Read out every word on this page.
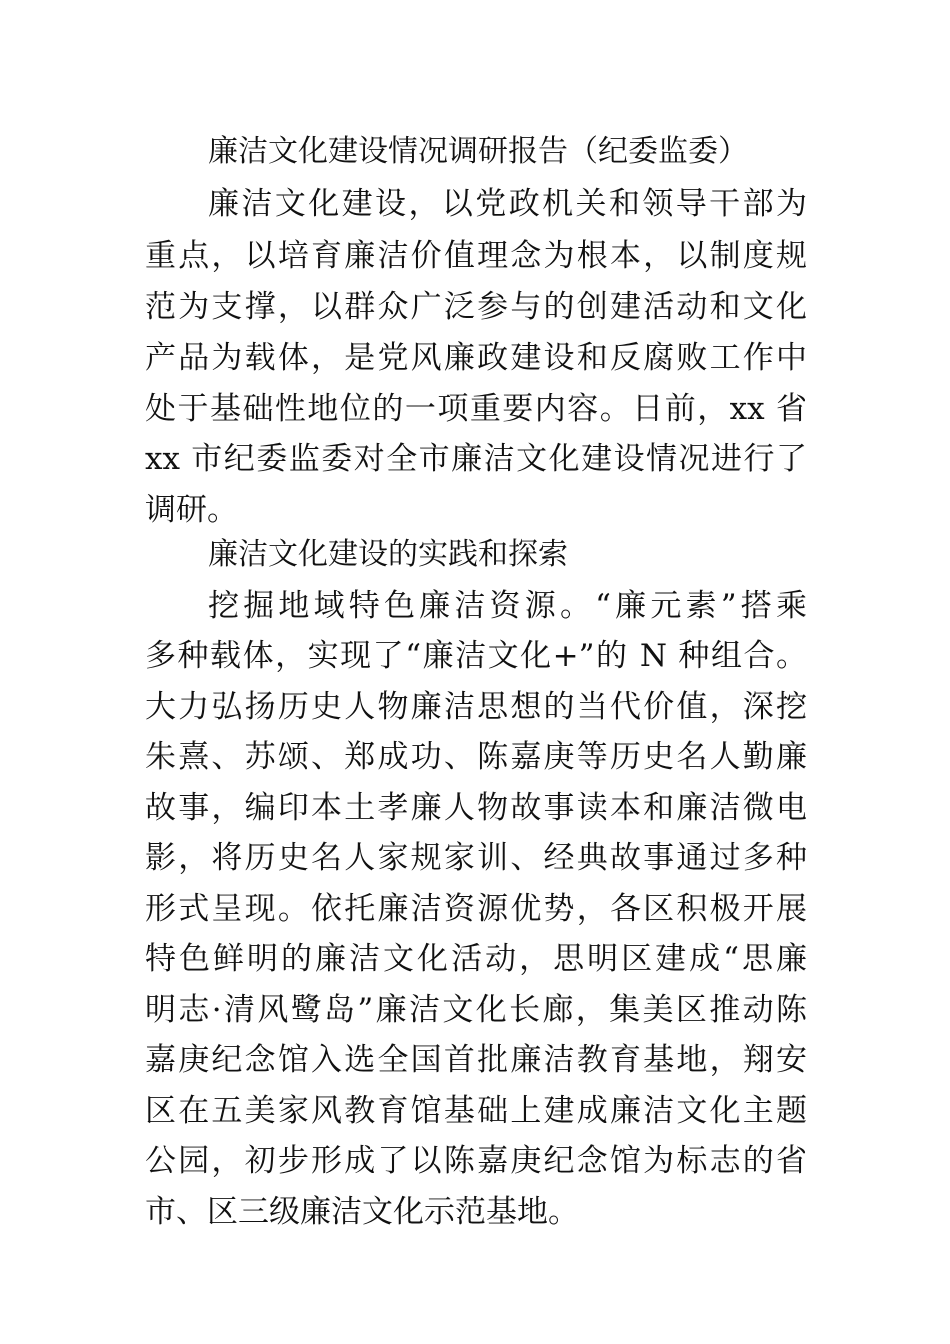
廉洁文化建设情况调研报告（纪委监委）
廉洁文化建设，以党政机关和领导干部为
重点，以培育廉洁价值理念为根本，以制度规
范为支撑，以群众广泛参与的创建活动和文化
产品为载体，是党风廉政建设和反腐败工作中
处于基础性地位的一项重要内容。日前，xx 省
xx 市纪委监委对全市廉洁文化建设情况进行了
调研。
廉洁文化建设的实践和探索
挖掘地域特色廉洁资源。“廉元素”搭乘
多种载体，实现了“廉洁文化+”的 N 种组合。
大力弘扬历史人物廉洁思想的当代价值，深挖
朱熹、苏颂、郑成功、陈嘉庚等历史名人勤廉
故事，编印本土孝廉人物故事读本和廉洁微电
影，将历史名人家规家训、经典故事通过多种
形式呈现。依托廉洁资源优势，各区积极开展
特色鲜明的廉洁文化活动，思明区建成“思廉
明志·清风鹭岛”廉洁文化长廊，集美区推动陈
嘉庚纪念馆入选全国首批廉洁教育基地，翔安
区在五美家风教育馆基础上建成廉洁文化主题
公园，初步形成了以陈嘉庚纪念馆为标志的省
市、区三级廉洁文化示范基地。
